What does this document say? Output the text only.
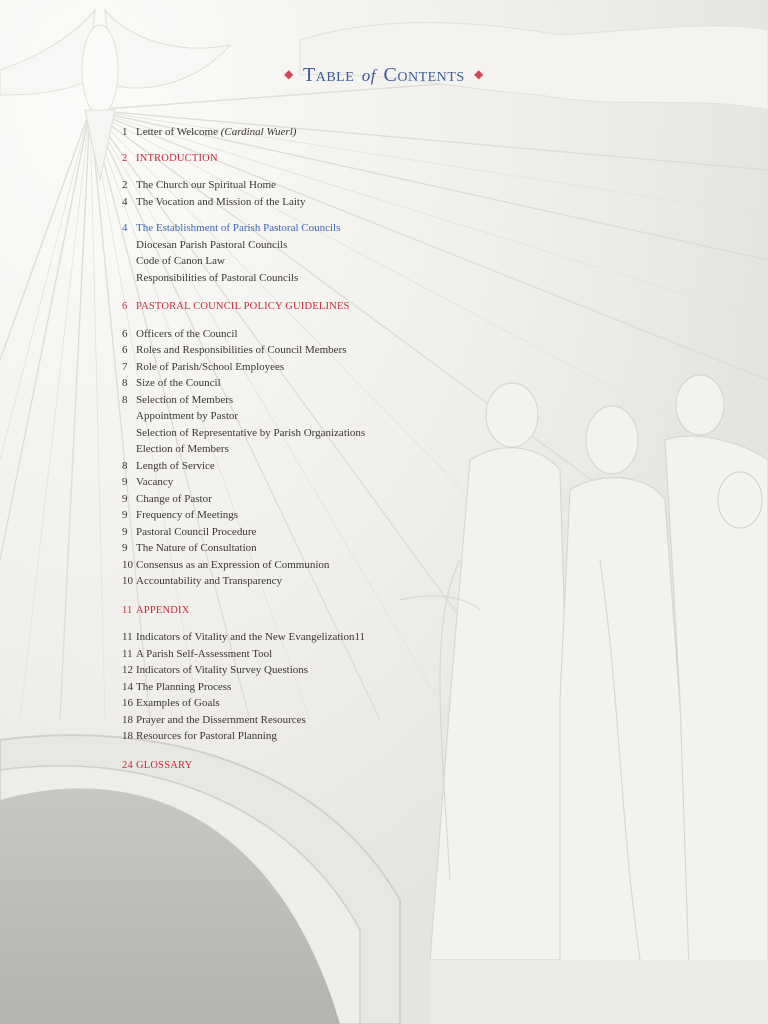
◆ Table of Contents ◆
1 Letter of Welcome (Cardinal Wuerl)
2 INTRODUCTION
2 The Church our Spiritual Home
4 The Vocation and Mission of the Laity
4 The Establishment of Parish Pastoral Councils
Diocesan Parish Pastoral Councils
Code of Canon Law
Responsibilities of Pastoral Councils
6 PASTORAL COUNCIL POLICY GUIDELINES
6 Officers of the Council
6 Roles and Responsibilities of Council Members
7 Role of Parish/School Employees
8 Size of the Council
8 Selection of Members
Appointment by Pastor
Selection of Representative by Parish Organizations
Election of Members
8 Length of Service
9 Vacancy
9 Change of Pastor
9 Frequency of Meetings
9 Pastoral Council Procedure
9 The Nature of Consultation
10 Consensus as an Expression of Communion
10 Accountability and Transparency
11 APPENDIX
11 Indicators of Vitality and the New Evangelization11
11 A Parish Self-Assessment Tool
12 Indicators of Vitality Survey Questions
14 The Planning Process
16 Examples of Goals
18 Prayer and the Dissernment Resources
18 Resources for Pastoral Planning
24 GLOSSARY
